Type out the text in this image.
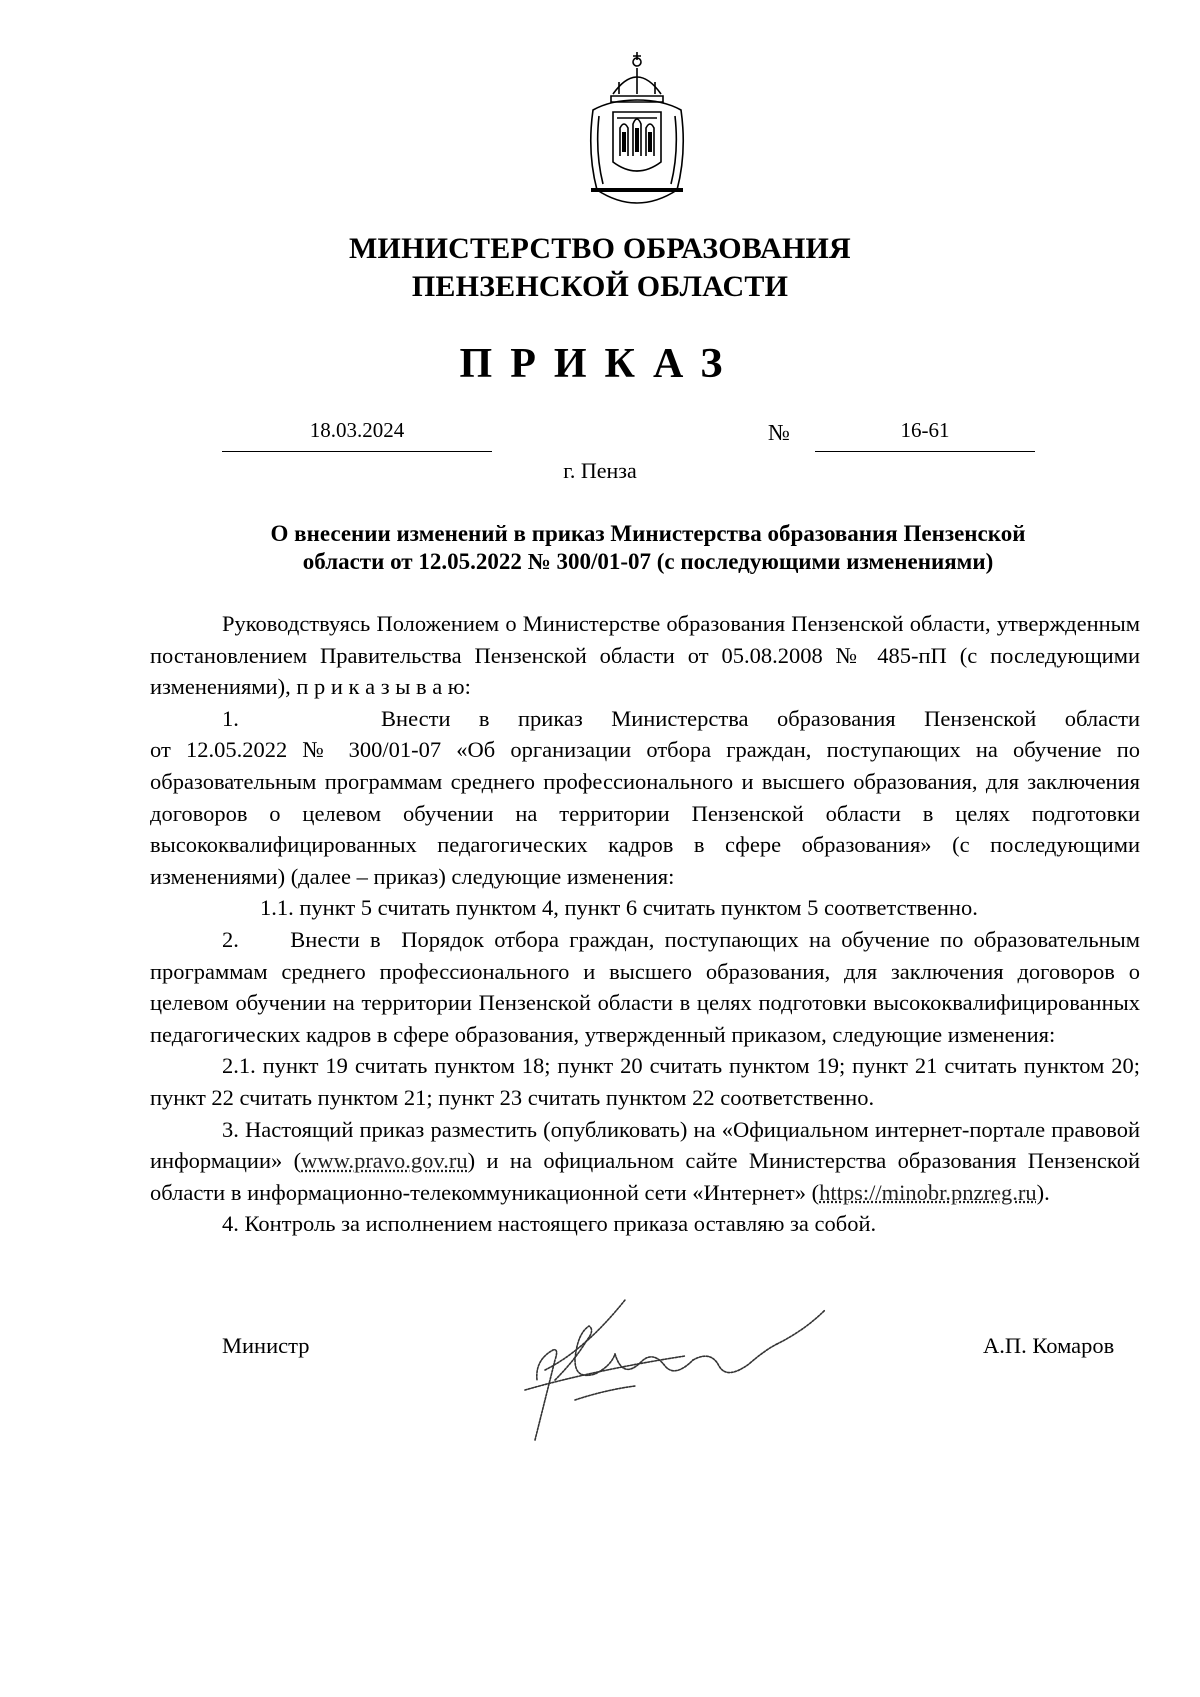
МИНИСТЕРСТВО ОБРАЗОВАНИЯ
ПЕНЗЕНСКОЙ ОБЛАСТИ
ПРИКАЗ
18.03.2024	№	16-61
г. Пенза
О внесении изменений в приказ Министерства образования Пензенской
области от 12.05.2022 № 300/01-07 (с последующими изменениями)

Руководствуясь Положением о Министерстве образования Пензенской области, утвержденным постановлением Правительства Пензенской области от 05.08.2008 № 485-пП (с последующими изменениями), п р и к а з ы в а ю:

1.     Внести в приказ Министерства образования Пензенской области

от 12.05.2022 № 300/01-07 «Об организации отбора граждан, поступающих на обучение по образовательным программам среднего профессионального и высшего образования, для заключения договоров о целевом обучении на территории Пензенской области в целях подготовки высококвалифицированных педагогических кадров в сфере образования» (с последующими изменениями) (далее – приказ) следующие изменения:

1.1. пункт 5 считать пунктом 4, пункт 6 считать пунктом 5 соответственно.

2.     Внести в  Порядок отбора граждан, поступающих на обучение по образовательным программам среднего профессионального и высшего образования, для заключения договоров о целевом обучении на территории Пензенской области в целях подготовки высококвалифицированных педагогических кадров в сфере образования, утвержденный приказом, следующие изменения:

2.1. пункт 19 считать пунктом 18; пункт 20 считать пунктом 19; пункт 21 считать пунктом 20; пункт 22 считать пунктом 21; пункт 23 считать пунктом 22 соответственно.

3. Настоящий приказ разместить (опубликовать) на «Официальном интернет-портале правовой информации» (www.pravo.gov.ru) и на официальном сайте Министерства образования Пензенской области в информационно-телекоммуникационной сети «Интернет» (https://minobr.pnzreg.ru).

4. Контроль за исполнением настоящего приказа оставляю за собой.

Министр	А.П. Комаров
